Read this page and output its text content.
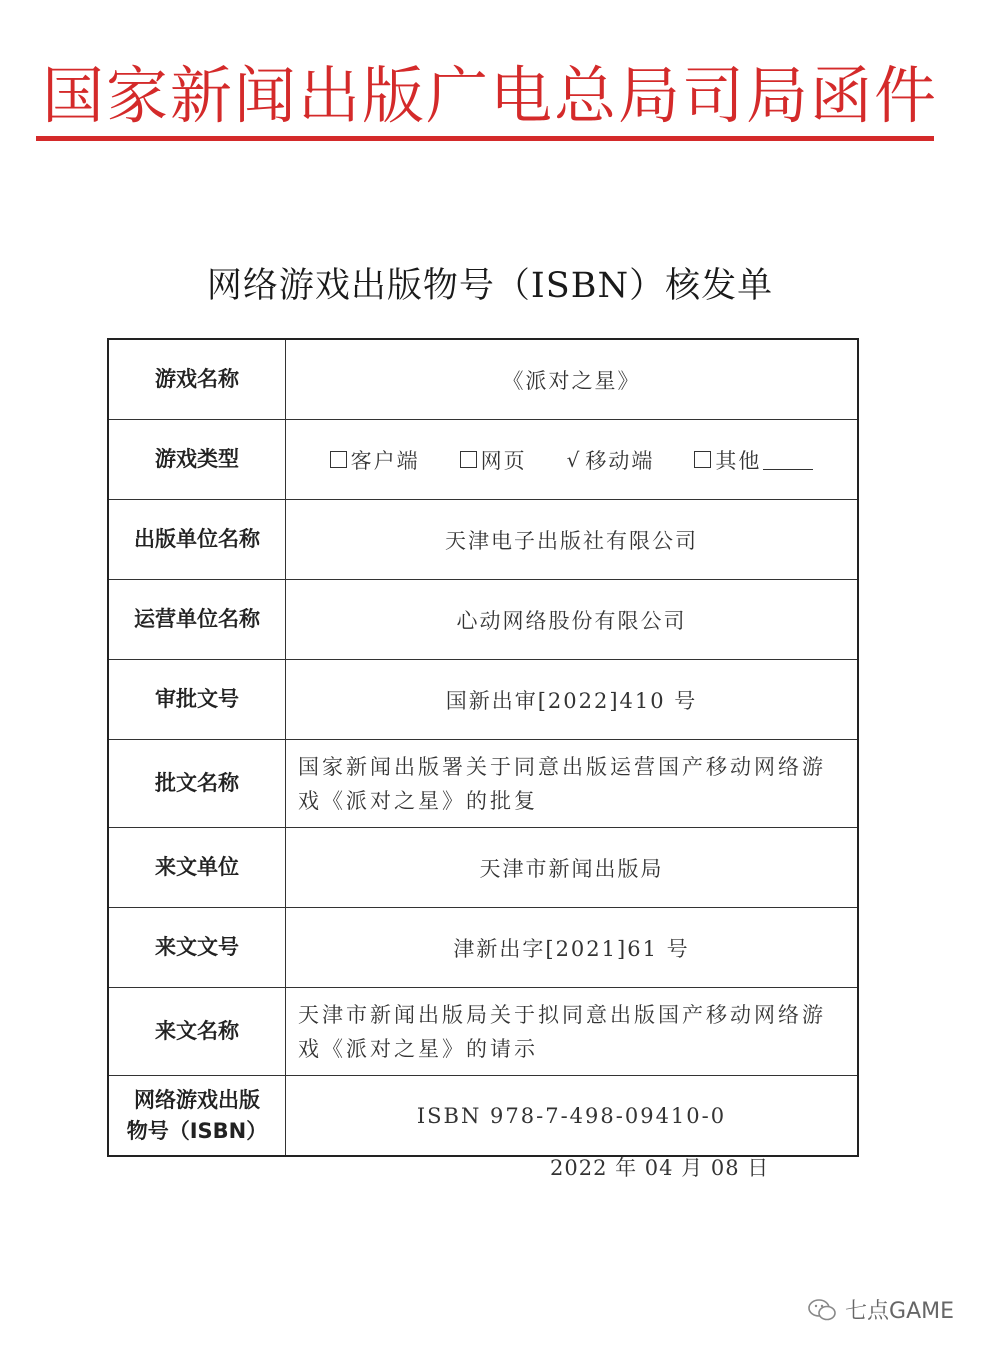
国家新闻出版广电总局司局函件
网络游戏出版物号（ISBN）核发单
游戏名称	《派对之星》
游戏类型	客户端 网页 √ 移动端 其他

出版单位名称	天津电子出版社有限公司
运营单位名称	心动网络股份有限公司
审批文号	国新出审[2022]410 号
批文名称	国家新闻出版署关于同意出版运营国产移动网络游戏《派对之星》的批复
来文单位	天津市新闻出版局
来文文号	津新出字[2021]61 号
来文名称	天津市新闻出版局关于拟同意出版国产移动网络游戏《派对之星》的请示

网络游戏出版
物号（ISBN）	ISBN 978-7-498-09410-0
2022 年 04 月 08 日
七点GAME
